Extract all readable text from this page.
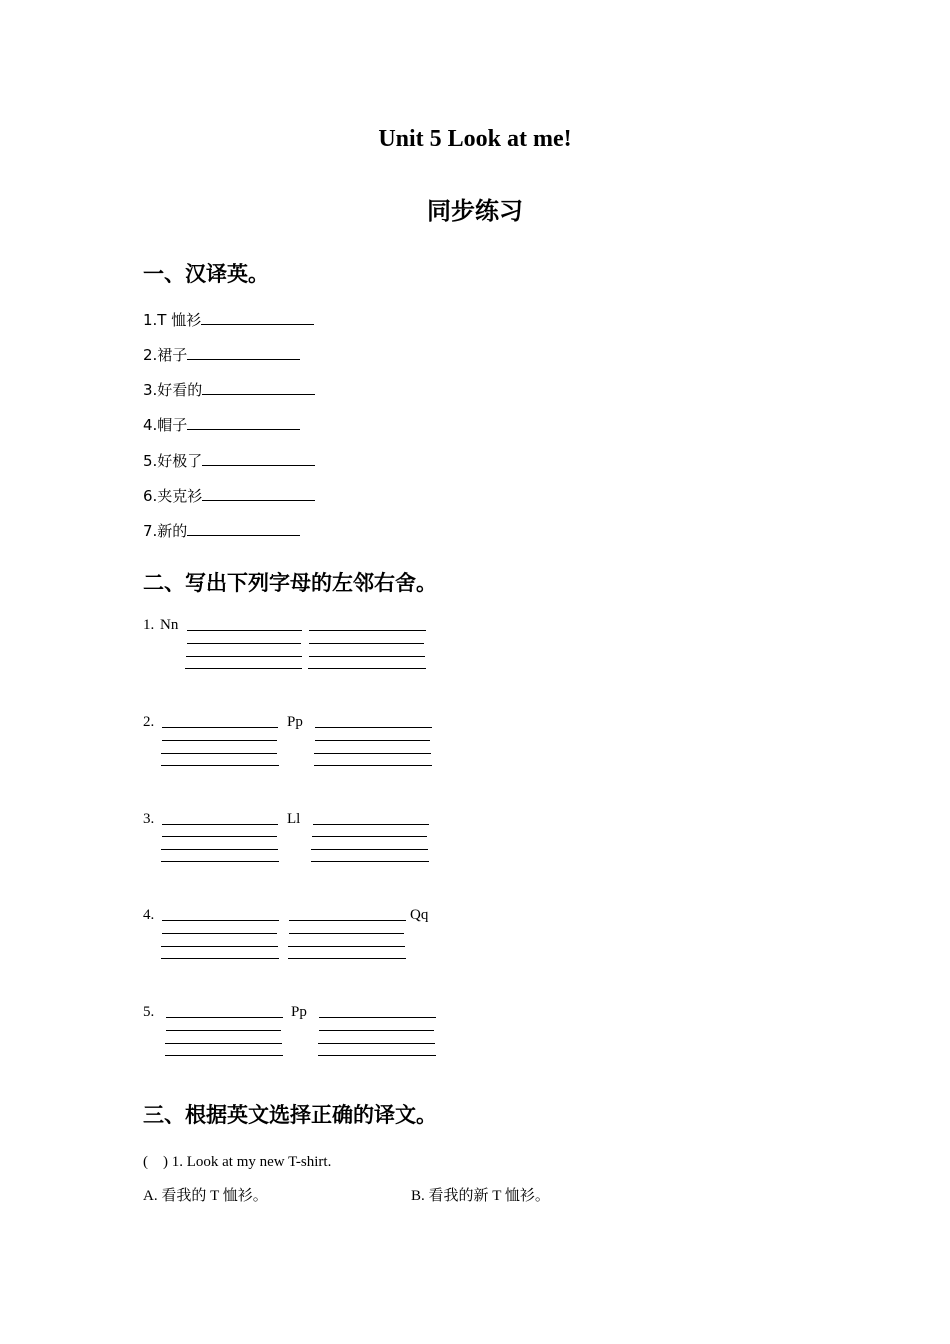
Unit 5 Look at me!
同步练习
一、汉译英。
1.T 恤衫
2.裙子
3.好看的
4.帽子
5.好极了
6.夹克衫
7.新的
二、写出下列字母的左邻右舍。
1. Nn
2.	Pp
3.	Ll
4.	Qq
5.	Pp
三、根据英文选择正确的译文。
(    ) 1. Look at my new T-shirt.
A. 看我的 T 恤衫。	B. 看我的新 T 恤衫。
